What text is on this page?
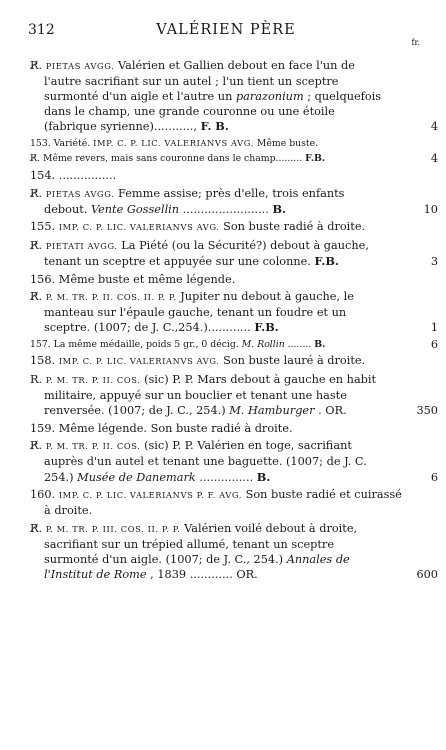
312	VALÉRIEN PÈRE
fr.
R̸. PIETAS AVGG. Valérien et Gallien debout en face l'un de l'autre sacrifiant sur un autel ; l'un tient un sceptre surmonté d'un aigle et l'autre un parazonium ; quelquefois dans le champ, une grande couronne ou une étoile (fabrique syrienne)..........., F. B.	4
153. Variété. IMP. C. P. LIC. VALERIANVS AVG. Même buste.
R̸. Même revers, mais sans couronne dans le champ......... F.B.	4
154. ................
R̸. PIETAS AVGG. Femme assise; près d'elle, trois enfants debout. Vente Gossellin ........................ B.	10
155. IMP. C. P. LIC. VALERIANVS AVG. Son buste radié à droite.
R̸. PIETATI AVGG. La Piété (ou la Sécurité?) debout à gauche, tenant un sceptre et appuyée sur une colonne. F.B.	3
156. Même buste et même légende.
R̸. P. M. TR. P. II. COS. II. P. P. Jupiter nu debout à gauche, le manteau sur l'épaule gauche, tenant un foudre et un sceptre. (1007; de J. C.,254.)............ F.B.	1
157. La même médaille, poids 5 gr., 0 décig. M. Rollin ........ B.	6
158. IMP. C. P. LIC. VALERIANVS AVG. Son buste lauré à droite.
R. P. M. TR. P. II. COS. (sic) P. P. Mars debout à gauche en habit militaire, appuyé sur un bouclier et tenant une haste renversée. (1007; de J. C., 254.) M. Hamburger . OR.	350
159. Même légende. Son buste radié à droite.
R̸. P. M. TR. P. II. COS. (sic) P. P. Valérien en toge, sacrifiant auprès d'un autel et tenant une baguette. (1007; de J. C. 254.) Musée de Danemark ............... B.	6
160. IMP. C. P. LIC. VALERIANVS P. F. AVG. Son buste radié et cuirassé à droite.
R̸. P. M. TR. P. III. COS. II. P. P. Valérien voilé debout à droite, sacrifiant sur un trépied allumé, tenant un sceptre surmonté d'un aigle. (1007; de J. C., 254.) Annales de l'Institut de Rome , 1839 ............ OR.	600
